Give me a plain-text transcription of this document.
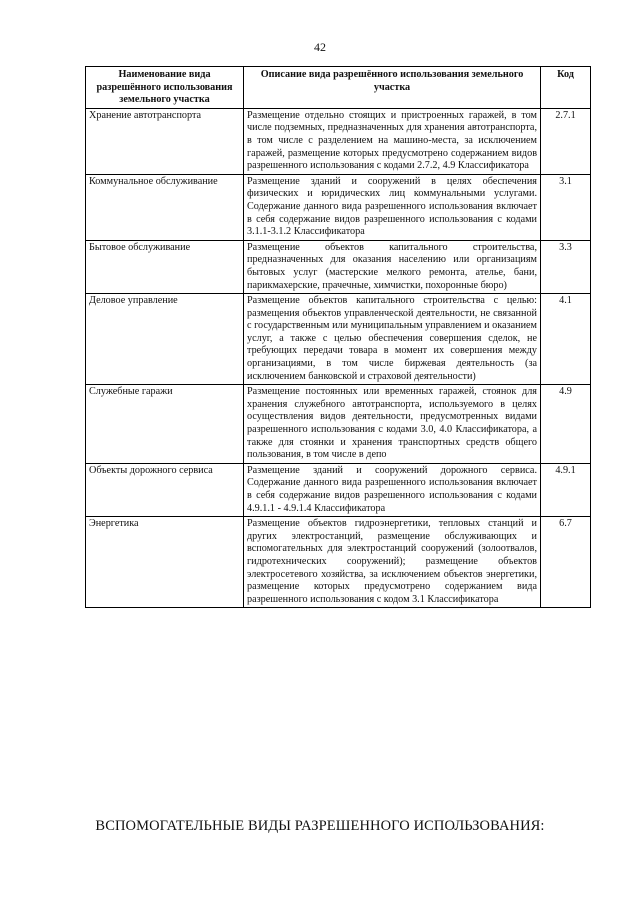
42
Наименование вида разрешённого использования земельного участка	Описание вида разрешённого использования земельного участка	Код
Хранение автотранспорта	Размещение отдельно стоящих и пристроенных гаражей, в том числе подземных, предназначенных для хранения автотранспорта, в том числе с разделением на машино-места, за исключением гаражей, размещение которых предусмотрено содержанием видов разрешенного использования с кодами 2.7.2, 4.9 Классификатора	2.7.1
Коммунальное обслуживание	Размещение зданий и сооружений в целях обеспечения физических и юридических лиц коммунальными услугами. Содержание данного вида разрешенного использования включает в себя содержание видов разрешенного использования с кодами 3.1.1-3.1.2 Классификатора	3.1
Бытовое обслуживание	Размещение объектов капитального строительства, предназначенных для оказания населению или организациям бытовых услуг (мастерские мелкого ремонта, ателье, бани, парикмахерские, прачечные, химчистки, похоронные бюро)	3.3
Деловое управление	Размещение объектов капитального строительства с целью: размещения объектов управленческой деятельности, не связанной с государственным или муниципальным управлением и оказанием услуг, а также с целью обеспечения совершения сделок, не требующих передачи товара в момент их совершения между организациями, в том числе биржевая деятельность (за исключением банковской и страховой деятельности)	4.1
Служебные гаражи	Размещение постоянных или временных гаражей, стоянок для хранения служебного автотранспорта, используемого в целях осуществления видов деятельности, предусмотренных видами разрешенного использования с кодами 3.0, 4.0 Классификатора, а также для стоянки и хранения транспортных средств общего пользования, в том числе в депо	4.9
Объекты дорожного сервиса	Размещение зданий и сооружений дорожного сервиса. Содержание данного вида разрешенного использования включает в себя содержание видов разрешенного использования с кодами 4.9.1.1 - 4.9.1.4 Классификатора	4.9.1
Энергетика	Размещение объектов гидроэнергетики, тепловых станций и других электростанций, размещение обслуживающих и вспомогательных для электростанций сооружений (золоотвалов, гидротехнических сооружений); размещение объектов электросетевого хозяйства, за исключением объектов энергетики, размещение которых предусмотрено содержанием вида разрешенного использования с кодом 3.1 Классификатора	6.7
ВСПОМОГАТЕЛЬНЫЕ ВИДЫ РАЗРЕШЕННОГО ИСПОЛЬЗОВАНИЯ:
